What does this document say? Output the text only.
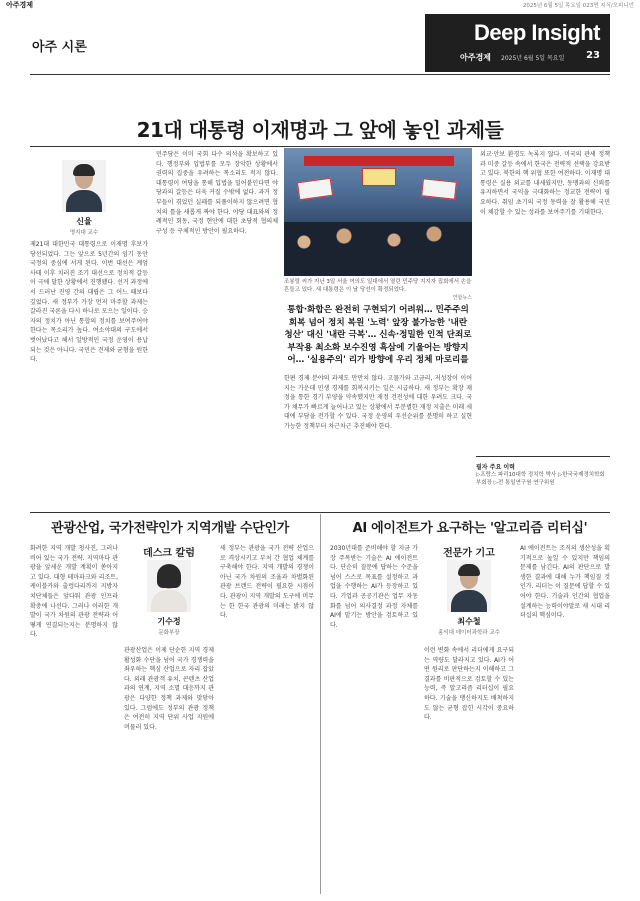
아주경제	2025년 6월 5일 목요일 023면 지식/오피니언
아주 시론
Deep Insight
아주경제 2025년 6월 5일 목요일 23
21대 대통령 이재명과 그 앞에 놓인 과제들
신율
명지대 교수
제21대 대한민국 대통령으로 이재명 후보가 당선되었다. 그는 앞으로 5년간의 임기 동안 국정의 중심에 서게 된다. 이번 대선은 계엄 사태 이후 치러진 조기 대선으로 정치적 갈등이 극에 달한 상황에서 진행됐다. 선거 과정에서 드러난 진영 간의 대립은 그 어느 때보다 깊었다. 새 정부가 가장 먼저 마주할 과제는 갈라진 국론을 다시 하나로 모으는 일이다. 승자의 정치가 아닌 통합의 정치를 보여주어야 한다는 목소리가 높다. 여소야대의 구도에서 벗어났다고 해서 일방적인 국정 운영이 용납되는 것은 아니다. 국민은 견제와 균형을 원한다.
민주당은 이미 국회 다수 의석을 확보하고 있다. 행정부와 입법부를 모두 장악한 상황에서 권력의 집중을 우려하는 목소리도 적지 않다. 대통령이 여당을 통해 입법을 밀어붙인다면 야당과의 갈등은 더욱 커질 수밖에 없다. 과거 정부들이 겪었던 실패를 되풀이하지 않으려면 협치의 틀을 새롭게 짜야 한다. 야당 대표와의 정례적인 회동, 국정 현안에 대한 초당적 협의체 구성 등 구체적인 방안이 필요하다.
조봉렬 씨가 지난 3일 서울 여의도 일대에서 열린 민주당 지지자 집회에서 손을 흔들고 있다. 새 대통령은 이 날 당선이 확정되었다.
연합뉴스
통합·화합은 완전히 구현되기 어려워… 민주주의 회복 넘어 정치 복원 '노력' 앞장 불가능한 '내란 청산' 대신 '내란 극복'… 신속·정밀한 인적 단죄로 부작용 최소화 보수진영 흑삼에 기울어는 방향지어… '실용주의' 리가 방향에 우리 정체 마로리를
한편 경제 분야의 과제도 만만치 않다. 고물가와 고금리, 저성장이 이어지는 가운데 민생 경제를 회복시키는 일은 시급하다. 새 정부는 확장 재정을 통한 경기 부양을 약속했지만 재정 건전성에 대한 우려도 크다. 국가 채무가 빠르게 늘어나고 있는 상황에서 무분별한 재정 지출은 미래 세대에 부담을 전가할 수 있다. 국정 운영의 우선순위를 분명히 하고 실현 가능한 정책부터 차근차근 추진해야 한다.
외교·안보 환경도 녹록지 않다. 미국의 관세 정책과 미중 갈등 속에서 한국은 전략적 선택을 강요받고 있다. 북한의 핵 위협 또한 여전하다. 이재명 대통령은 실용 외교를 내세웠지만, 동맹과의 신뢰를 유지하면서 국익을 극대화하는 정교한 전략이 필요하다. 취임 초기의 국정 동력을 잘 활용해 국민이 체감할 수 있는 성과를 보여주기를 기대한다.
필자 주요 이력
▷프랑스 파리10대학 정치학 박사 ▷한국국제정치학회 부회장 ▷전 통일연구원 연구위원
관광산업, 국가전략인가 지역개발 수단인가	AI 에이전트가 요구하는 '알고리즘 리터십'
화려한 지역 개발 청사진, 그러나 비어 있는 국가 전략. 지역마다 관광을 앞세운 개발 계획이 쏟아지고 있다. 대형 테마파크와 리조트, 케이블카와 출렁다리까지 지방자치단체들은 앞다퉈 관광 인프라 확충에 나선다. 그러나 이러한 개발이 국가 차원의 관광 전략과 어떻게 연결되는지는 분명하지 않다.
데스크 칼럼
기수정
문화부장
관광산업은 이제 단순한 지역 경제 활성화 수단을 넘어 국가 경쟁력을 좌우하는 핵심 산업으로 자리 잡았다. 외래 관광객 유치, 콘텐츠 산업과의 연계, 지역 소멸 대응까지 관광은 다양한 정책 과제와 맞닿아 있다. 그럼에도 정부의 관광 정책은 여전히 지역 단위 사업 지원에 머물러 있다.
새 정부는 관광을 국가 전략 산업으로 격상시키고 부처 간 협업 체계를 구축해야 한다. 지역 개발의 경쟁이 아닌 국가 차원의 조율과 차별화된 관광 브랜드 전략이 필요한 시점이다. 관광이 지역 개발의 도구에 머무는 한 한국 관광의 미래는 밝지 않다.
2030년대를 준비해야 할 지금 가장 주목받는 기술은 AI 에이전트다. 단순히 질문에 답하는 수준을 넘어 스스로 목표를 설정하고 과업을 수행하는 AI가 등장하고 있다. 기업과 공공기관은 업무 자동화를 넘어 의사결정 과정 자체를 AI에 맡기는 방안을 검토하고 있다.
전문가 기고
최수철
홍익대 데이터과학과 교수
이런 변화 속에서 리더에게 요구되는 역량도 달라지고 있다. AI가 어떤 원리로 판단하는지 이해하고 그 결과를 비판적으로 검토할 수 있는 능력, 즉 알고리즘 리터십이 필요하다. 기술을 맹신하지도 배척하지도 않는 균형 잡힌 시각이 중요하다.
AI 에이전트는 조직의 생산성을 획기적으로 높일 수 있지만 책임의 문제를 남긴다. AI의 판단으로 발생한 결과에 대해 누가 책임질 것인가. 리더는 이 질문에 답할 수 있어야 한다. 기술과 인간의 협업을 설계하는 능력이야말로 새 시대 리더십의 핵심이다.
